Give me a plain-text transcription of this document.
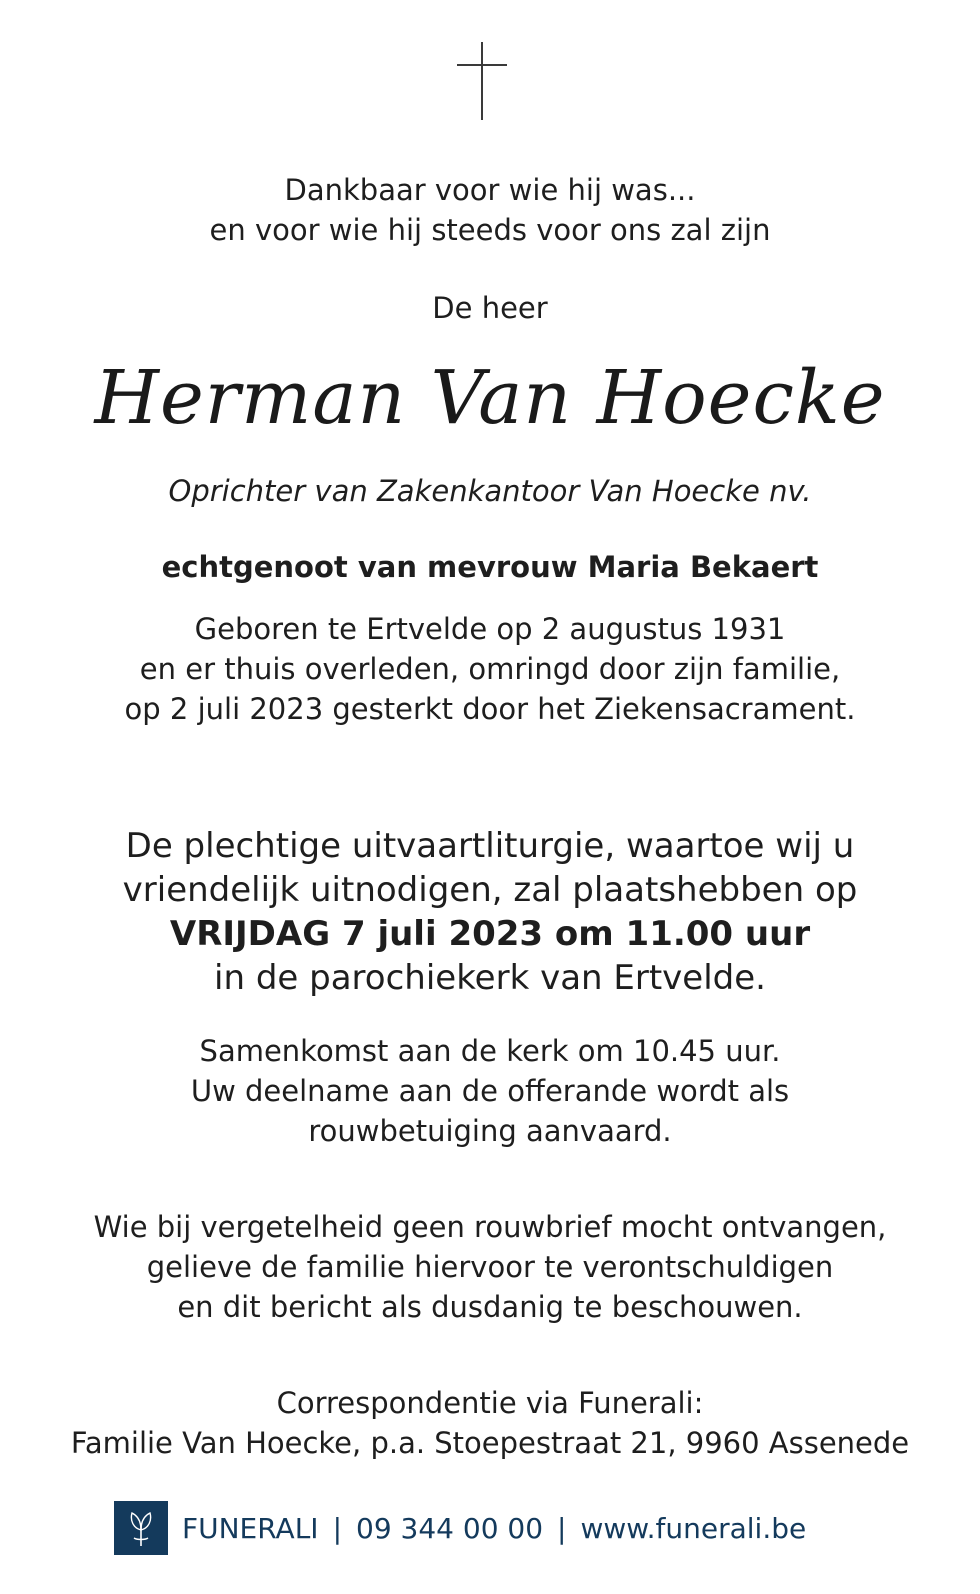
Dankbaar voor wie hij was...
en voor wie hij steeds voor ons zal zijn
De heer
Herman Van Hoecke
Oprichter van Zakenkantoor Van Hoecke nv.
echtgenoot van mevrouw Maria Bekaert
Geboren te Ertvelde op 2 augustus 1931
en er thuis overleden, omringd door zijn familie,
op 2 juli 2023 gesterkt door het Ziekensacrament.
De plechtige uitvaartliturgie, waartoe wij u
vriendelijk uitnodigen, zal plaatshebben op
VRIJDAG 7 juli 2023 om 11.00 uur
in de parochiekerk van Ertvelde.
Samenkomst aan de kerk om 10.45 uur.
Uw deelname aan de offerande wordt als
rouwbetuiging aanvaard.
Wie bij vergetelheid geen rouwbrief mocht ontvangen,
gelieve de familie hiervoor te verontschuldigen
en dit bericht als dusdanig te beschouwen.
Correspondentie via Funerali:
Familie Van Hoecke, p.a. Stoepestraat 21, 9960 Assenede
FUNERALI | 09 344 00 00 | www.funerali.be
